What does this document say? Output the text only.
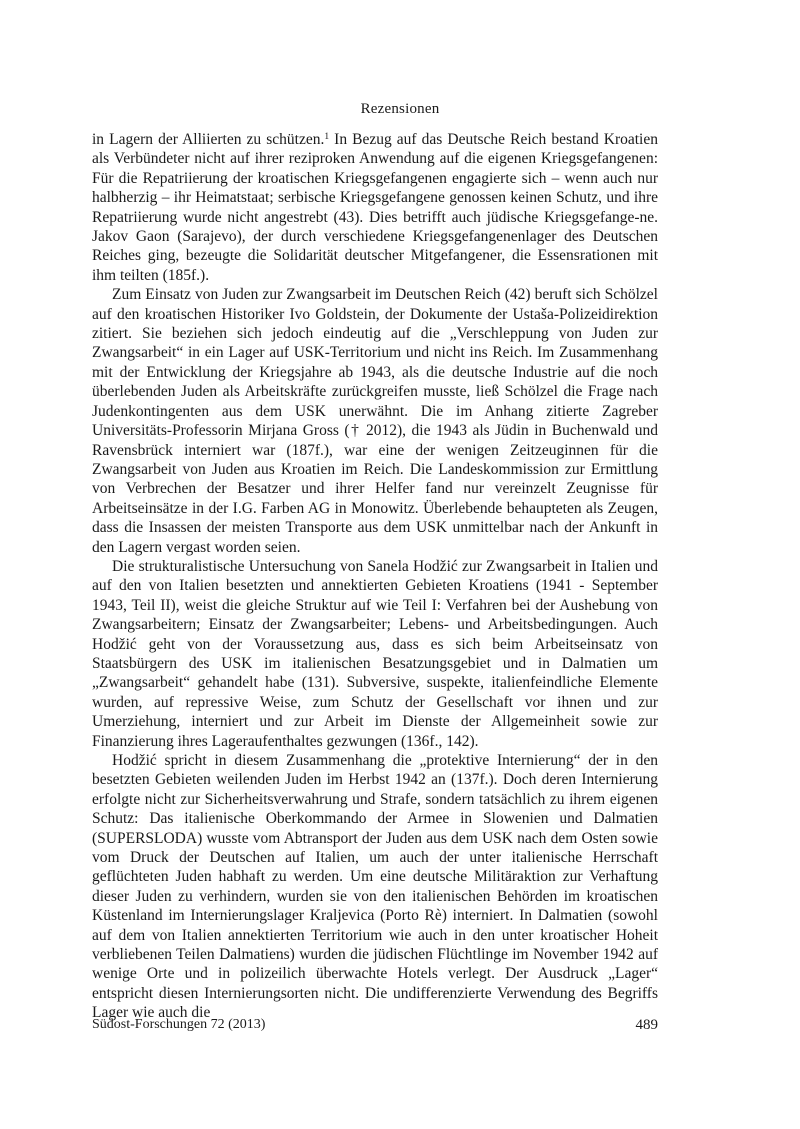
Rezensionen

in Lagern der Alliierten zu schützen.$^1$ In Bezug auf das Deutsche Reich bestand Kroatien als Verbündeter nicht auf ihrer reziproken Anwendung auf die eigenen Kriegsgefangenen: Für die Repatriierung der kroatischen Kriegsgefangenen engagierte sich – wenn auch nur halbherzig – ihr Heimatstaat; serbische Kriegsgefangene genossen keinen Schutz, und ihre Repatriierung wurde nicht angestrebt (43). Dies betrifft auch jüdische Kriegsgefange-ne. Jakov Gaon (Sarajevo), der durch verschiedene Kriegsgefangenenlager des Deutschen Reiches ging, bezeugte die Solidarität deutscher Mitgefangener, die Essensrationen mit ihm teilten (185f.).

Zum Einsatz von Juden zur Zwangsarbeit im Deutschen Reich (42) beruft sich Schölzel auf den kroatischen Historiker Ivo Goldstein, der Dokumente der Ustaša-Polizeidirektion zitiert. Sie beziehen sich jedoch eindeutig auf die „Verschleppung von Juden zur Zwangsarbeit“ in ein Lager auf USK-Territorium und nicht ins Reich. Im Zusammenhang mit der Entwicklung der Kriegsjahre ab 1943, als die deutsche Industrie auf die noch überlebenden Juden als Arbeitskräfte zurückgreifen musste, ließ Schölzel die Frage nach Judenkontingenten aus dem USK unerwähnt. Die im Anhang zitierte Zagreber Universitäts-Professorin Mirjana Gross († 2012), die 1943 als Jüdin in Buchenwald und Ravensbrück interniert war (187f.), war eine der wenigen Zeitzeuginnen für die Zwangsarbeit von Juden aus Kroatien im Reich. Die Landeskommission zur Ermittlung von Verbrechen der Besatzer und ihrer Helfer fand nur vereinzelt Zeugnisse für Arbeitseinsätze in der I.G. Farben AG in Monowitz. Überlebende behaupteten als Zeugen, dass die Insassen der meisten Transporte aus dem USK unmittelbar nach der Ankunft in den Lagern vergast worden seien.

Die strukturalistische Untersuchung von Sanela Hodžić zur Zwangsarbeit in Italien und auf den von Italien besetzten und annektierten Gebieten Kroatiens (1941 - September 1943, Teil II), weist die gleiche Struktur auf wie Teil I: Verfahren bei der Aushebung von Zwangsarbeitern; Einsatz der Zwangsarbeiter; Lebens- und Arbeitsbedingungen. Auch Hodžić geht von der Voraussetzung aus, dass es sich beim Arbeitseinsatz von Staatsbürgern des USK im italienischen Besatzungsgebiet und in Dalmatien um „Zwangsarbeit“ gehandelt habe (131). Subversive, suspekte, italienfeindliche Elemente wurden, auf repressive Weise, zum Schutz der Gesellschaft vor ihnen und zur Umerziehung, interniert und zur Arbeit im Dienste der Allgemeinheit sowie zur Finanzierung ihres Lageraufenthaltes gezwungen (136f., 142).

Hodžić spricht in diesem Zusammenhang die „protektive Internierung“ der in den besetzten Gebieten weilenden Juden im Herbst 1942 an (137f.). Doch deren Internierung erfolgte nicht zur Sicherheitsverwahrung und Strafe, sondern tatsächlich zu ihrem eigenen Schutz: Das italienische Oberkommando der Armee in Slowenien und Dalmatien (SUPERSLODA) wusste vom Abtransport der Juden aus dem USK nach dem Osten sowie vom Druck der Deutschen auf Italien, um auch der unter italienische Herrschaft geflüchteten Juden habhaft zu werden. Um eine deutsche Militäraktion zur Verhaftung dieser Juden zu verhindern, wurden sie von den italienischen Behörden im kroatischen Küstenland im Internierungslager Kraljevica (Porto Rè) interniert. In Dalmatien (sowohl auf dem von Italien annektierten Territorium wie auch in den unter kroatischer Hoheit verbliebenen Teilen Dalmatiens) wurden die jüdischen Flüchtlinge im November 1942 auf wenige Orte und in polizeilich überwachte Hotels verlegt. Der Ausdruck „Lager“ entspricht diesen Internierungsorten nicht. Die undifferenzierte Verwendung des Begriffs Lager wie auch die

Südost-Forschungen 72 (2013)	489
